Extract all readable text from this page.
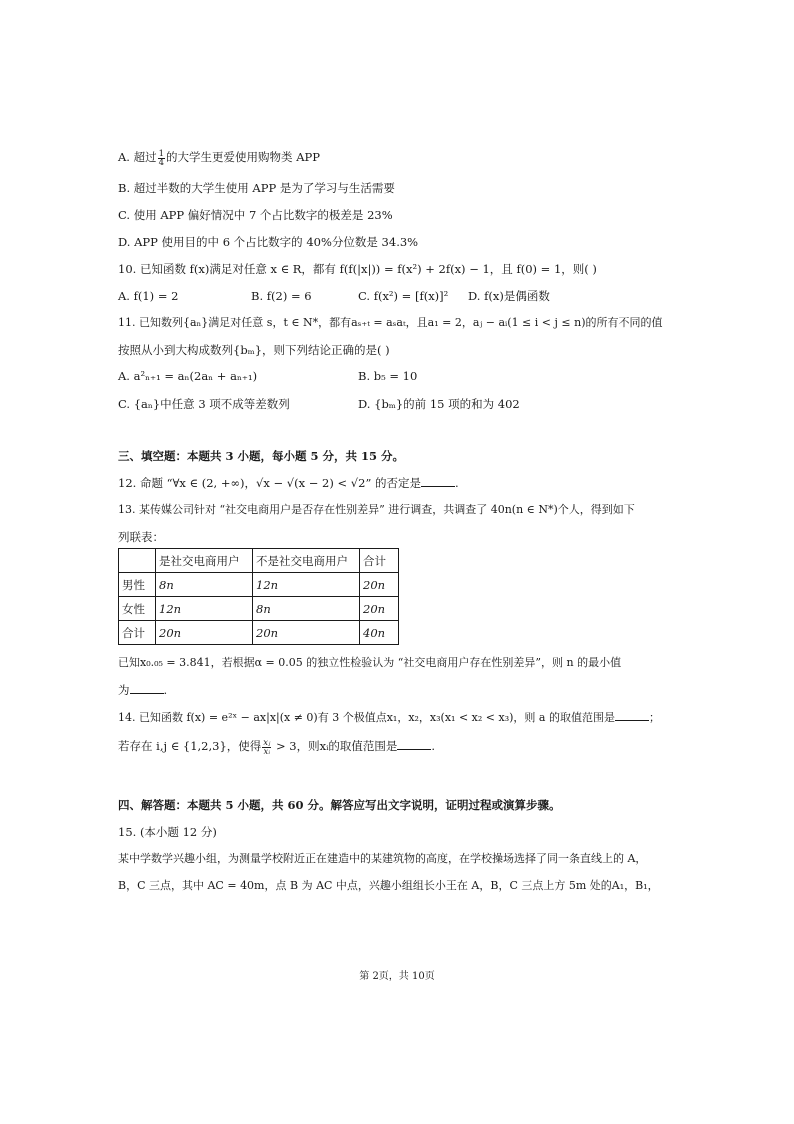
A. 超过 $\frac{1}{4}$ 的大学生更爱使用购物类 APP
B. 超过半数的大学生使用 APP 是为了学习与生活需要
C. 使用 APP 偏好情况中 7 个占比数字的极差是 23%
D. APP 使用目的中 6 个占比数字的 40%分位数是 34.3%
10. 已知函数 f(x)满足对任意 x ∈ R，都有 f(f(|x|)) = f(x²) + 2f(x) − 1，且 f(0) = 1，则( )
A. f(1) = 2	B. f(2) = 6	C. f(x²) = [f(x)]² D. f(x)是偶函数
11. 已知数列{aₙ}满足对任意 s，t ∈ N*，都有aₛ₊ₜ = aₛaₜ，且a₁ = 2，aⱼ − aᵢ(1 ≤ i < j ≤ n)的所有不同的值
按照从小到大构成数列{bₘ}，则下列结论正确的是( )
A. a²ₙ₊₁ = aₙ(2aₙ + aₙ₊₁)	B. b₅ = 10
C. {aₙ}中任意 3 项不成等差数列	D. {bₘ}的前 15 项的和为 402
三、填空题：本题共 3 小题，每小题 5 分，共 15 分。
12. 命题 “∀x ∈ (2, +∞)，√x − √(x − 2) < √2” 的否定是	.
13. 某传媒公司针对 “社交电商用户是否存在性别差异” 进行调查，共调查了 40n(n ∈ N*)个人，得到如下
列联表：
	是社交电商用户	不是社交电商用户	合计
男性	8n	12n	20n
女性	12n	8n	20n
合计	20n	20n	40n
已知x₀.₀₅ = 3.841，若根据α = 0.05 的独立性检验认为 “社交电商用户存在性别差异”，则 n 的最小值
为	.
14. 已知函数 f(x) = e²ˣ − ax|x|(x ≠ 0)有 3 个极值点x₁，x₂，x₃(x₁ < x₂ < x₃)，则 a 的取值范围是	；
若存在 i,j ∈ {1,2,3}，使得 $\frac{\text{xⱼ}}{\text{xᵢ}} > 3$，则xᵢ的取值范围是	.
四、解答题：本题共 5 小题，共 60 分。解答应写出文字说明，证明过程或演算步骤。
15. (本小题 12 分)
某中学数学兴趣小组，为测量学校附近正在建造中的某建筑物的高度，在学校操场选择了同一条直线上的 A，
B，C 三点，其中 AC = 40m，点 B 为 AC 中点，兴趣小组组长小王在 A，B，C 三点上方 5m 处的A₁，B₁，
第 2页，共 10页
